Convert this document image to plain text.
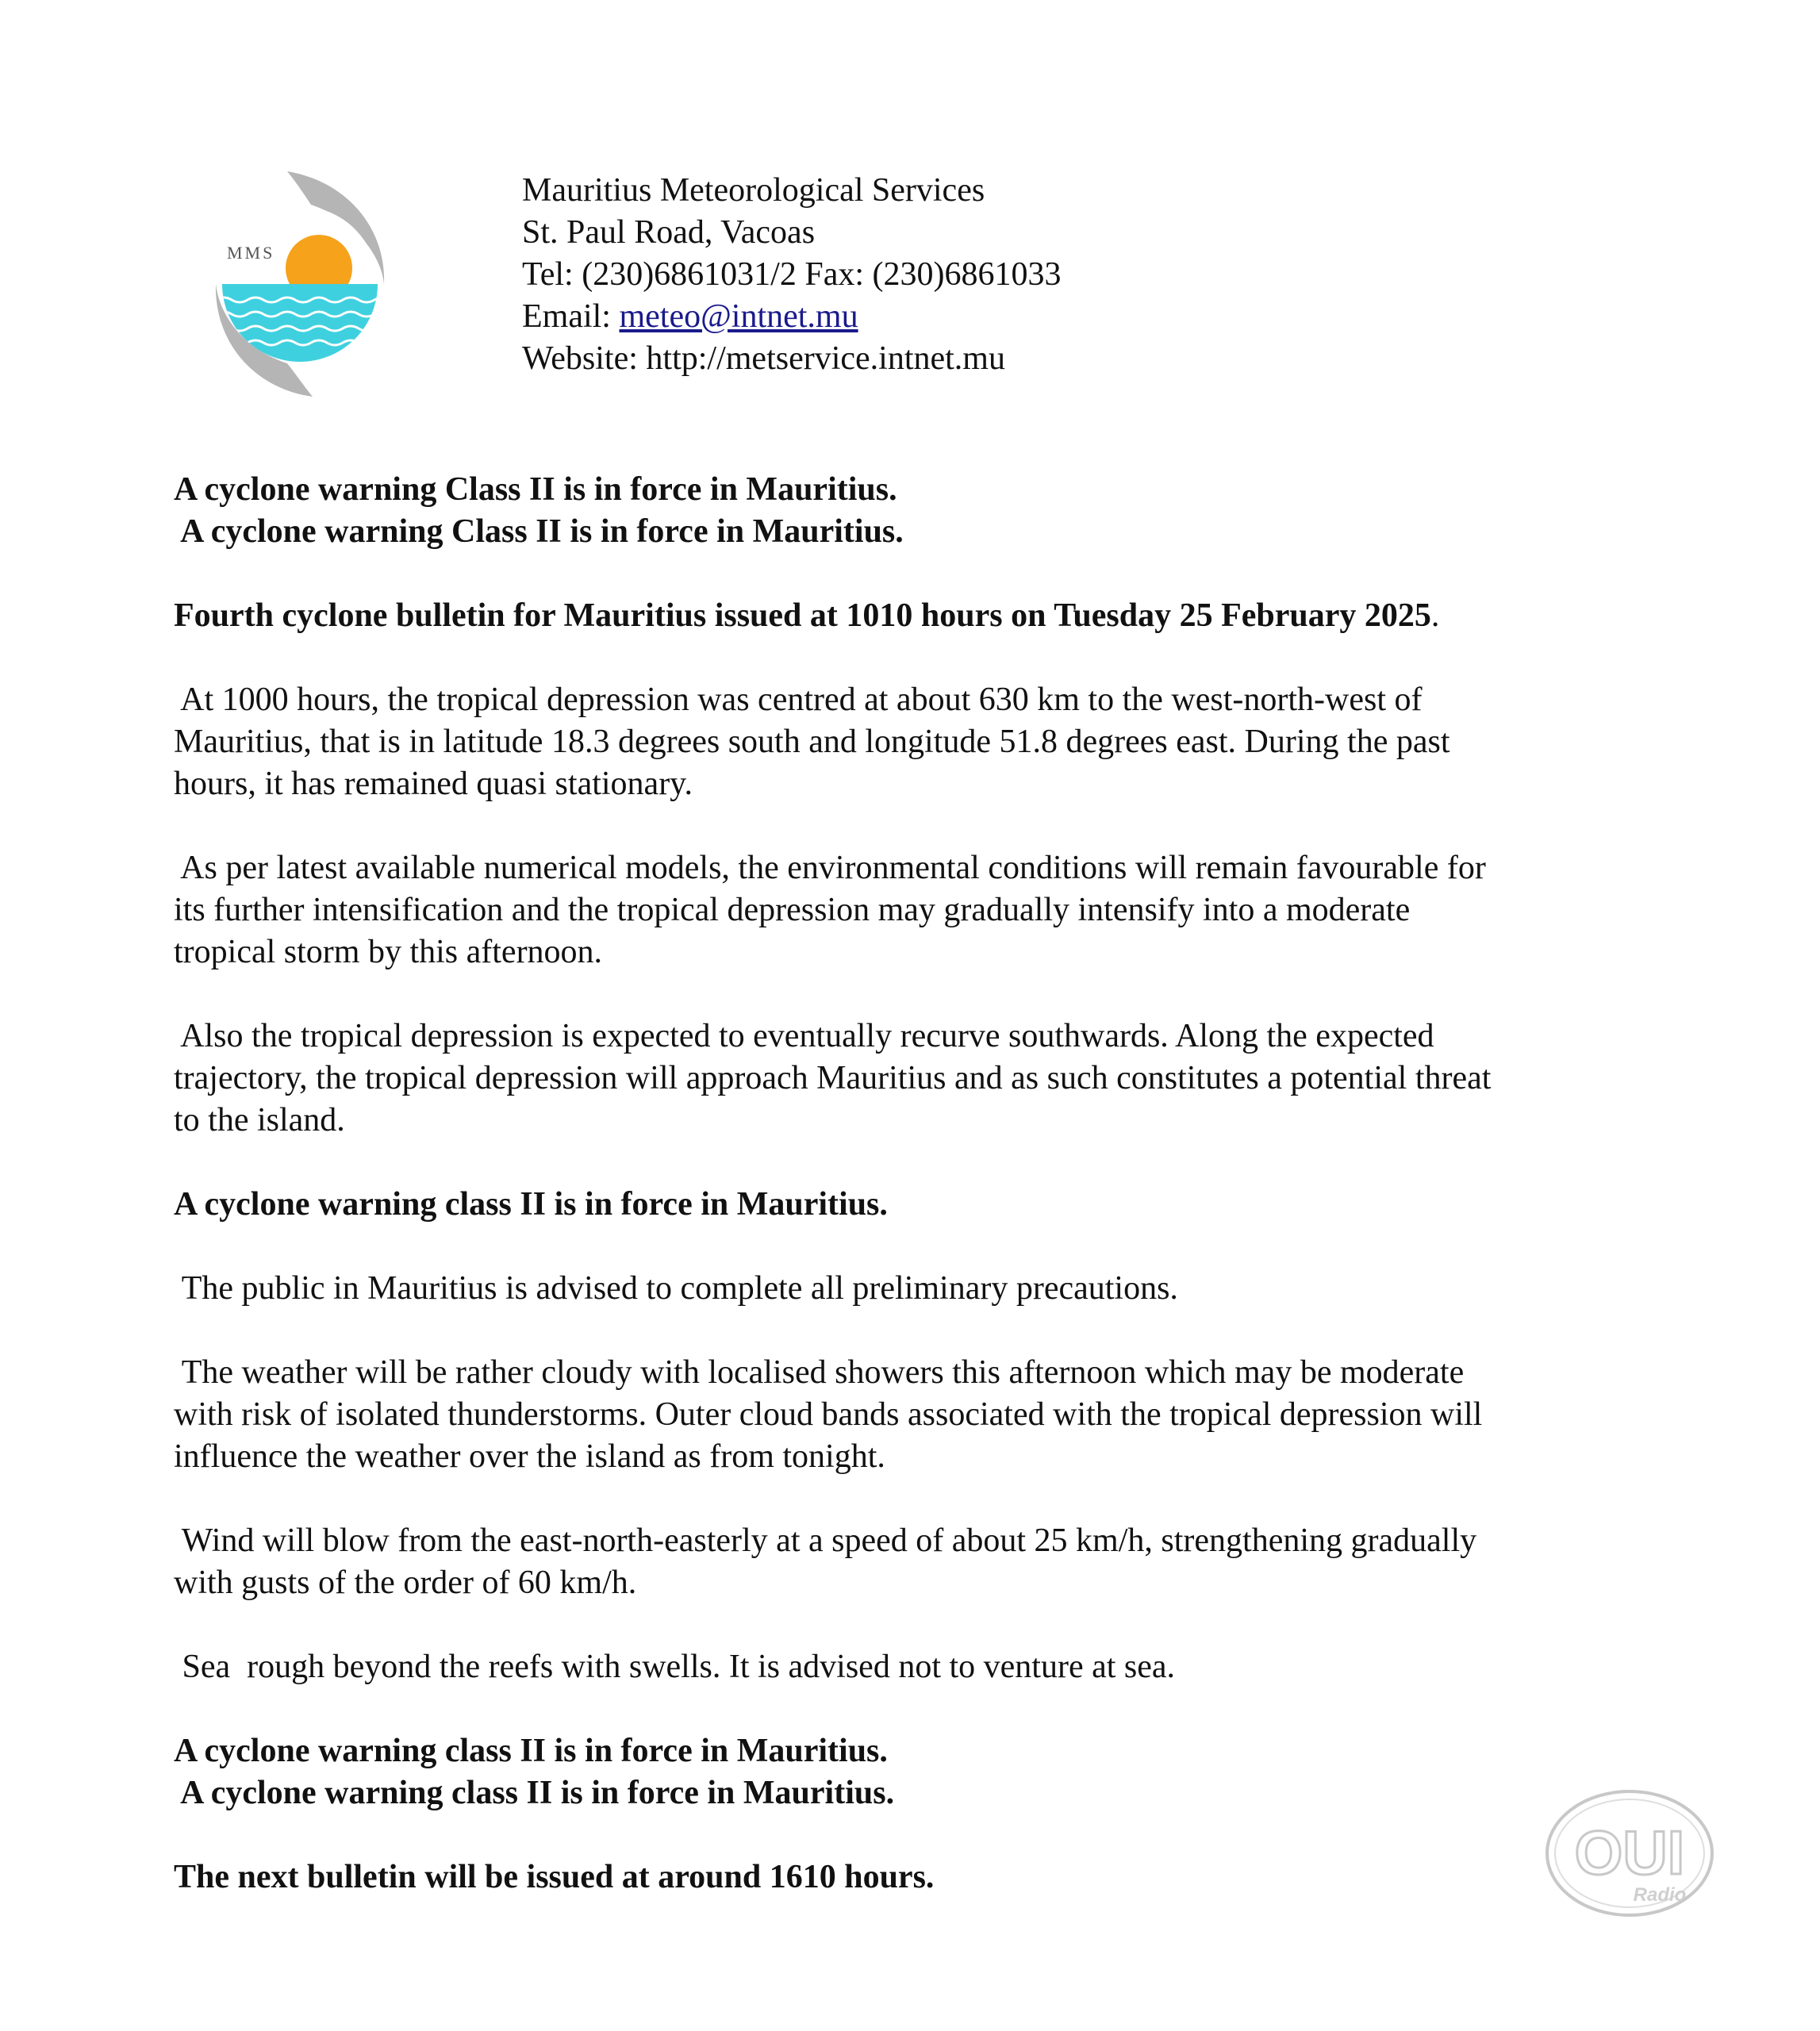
MMS
Mauritius Meteorological Services
St. Paul Road, Vacoas
Tel: (230)6861031/2 Fax: (230)6861033
Email: meteo@intnet.mu
Website: http://metservice.intnet.mu
A cyclone warning Class II is in force in Mauritius.
A cyclone warning Class II is in force in Mauritius.
Fourth cyclone bulletin for Mauritius issued at 1010 hours on Tuesday 25 February 2025.
At 1000 hours, the tropical depression was centred at about 630 km to the west-north-west of
Mauritius, that is in latitude 18.3 degrees south and longitude 51.8 degrees east. During the past
hours, it has remained quasi stationary.
As per latest available numerical models, the environmental conditions will remain favourable for
its further intensification and the tropical depression may gradually intensify into a moderate
tropical storm by this afternoon.
Also the tropical depression is expected to eventually recurve southwards. Along the expected
trajectory, the tropical depression will approach Mauritius and as such constitutes a potential threat
to the island.
A cyclone warning class II is in force in Mauritius.
The public in Mauritius is advised to complete all preliminary precautions.
The weather will be rather cloudy with localised showers this afternoon which may be moderate
with risk of isolated thunderstorms. Outer cloud bands associated with the tropical depression will
influence the weather over the island as from tonight.
Wind will blow from the east-north-easterly at a speed of about 25 km/h, strengthening gradually
with gusts of the order of 60 km/h.
Sea  rough beyond the reefs with swells. It is advised not to venture at sea.
A cyclone warning class II is in force in Mauritius.
A cyclone warning class II is in force in Mauritius.
The next bulletin will be issued at around 1610 hours.	OUI
Radio
